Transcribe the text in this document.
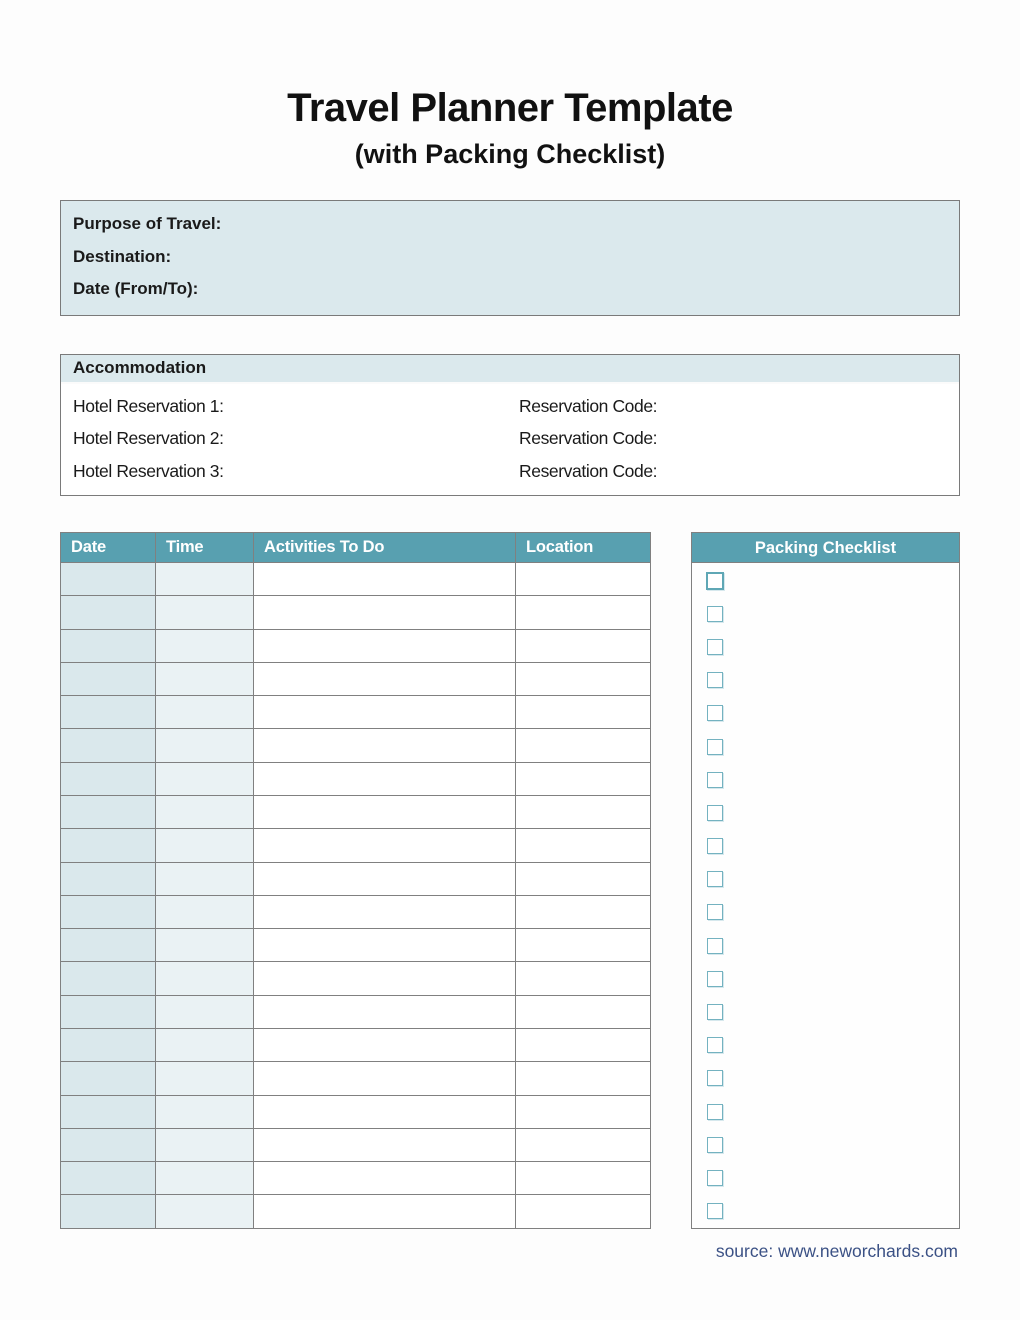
Travel Planner Template
(with Packing Checklist)
Purpose of Travel:
Destination:
Date (From/To):
Accommodation
Hotel Reservation 1:	Reservation Code:
Hotel Reservation 2:	Reservation Code:
Hotel Reservation 3:	Reservation Code:
Date	Time	Activities To Do	Location

				Packing Checklist
source: www.neworchards.com
